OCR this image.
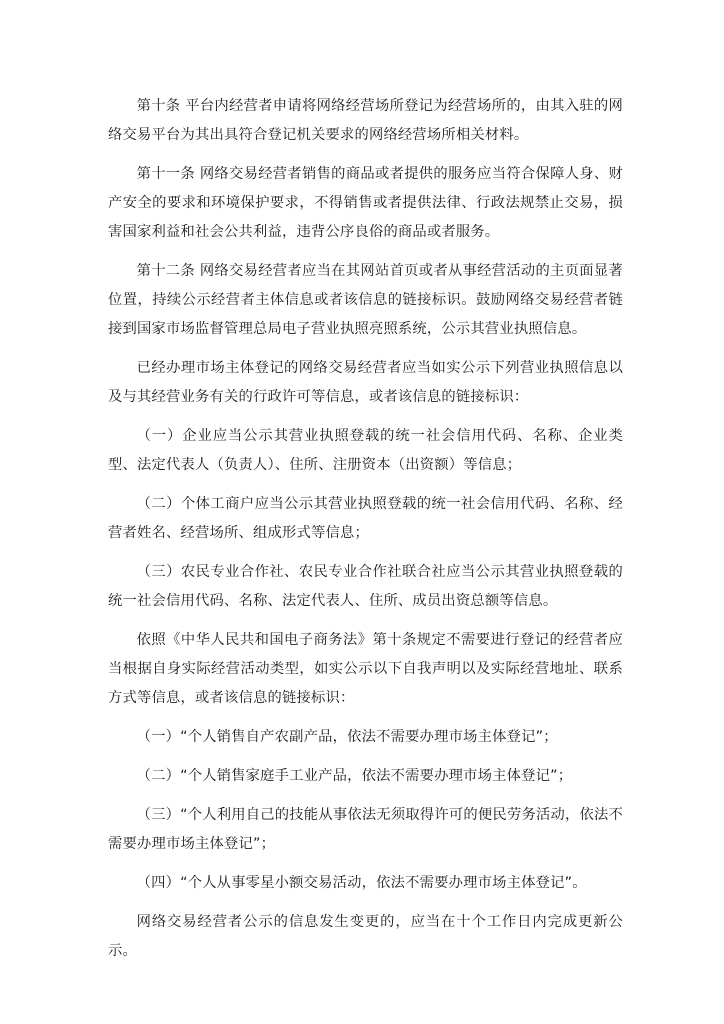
第十条 平台内经营者申请将网络经营场所登记为经营场所的，由其入驻的网络交易平台为其出具符合登记机关要求的网络经营场所相关材料。

第十一条 网络交易经营者销售的商品或者提供的服务应当符合保障人身、财产安全的要求和环境保护要求，不得销售或者提供法律、行政法规禁止交易，损害国家利益和社会公共利益，违背公序良俗的商品或者服务。

第十二条 网络交易经营者应当在其网站首页或者从事经营活动的主页面显著位置，持续公示经营者主体信息或者该信息的链接标识。鼓励网络交易经营者链接到国家市场监督管理总局电子营业执照亮照系统，公示其营业执照信息。

已经办理市场主体登记的网络交易经营者应当如实公示下列营业执照信息以及与其经营业务有关的行政许可等信息，或者该信息的链接标识：

（一）企业应当公示其营业执照登载的统一社会信用代码、名称、企业类型、法定代表人（负责人）、住所、注册资本（出资额）等信息；

（二）个体工商户应当公示其营业执照登载的统一社会信用代码、名称、经营者姓名、经营场所、组成形式等信息；

（三）农民专业合作社、农民专业合作社联合社应当公示其营业执照登载的统一社会信用代码、名称、法定代表人、住所、成员出资总额等信息。

依照《中华人民共和国电子商务法》第十条规定不需要进行登记的经营者应当根据自身实际经营活动类型，如实公示以下自我声明以及实际经营地址、联系方式等信息，或者该信息的链接标识：

（一）“个人销售自产农副产品，依法不需要办理市场主体登记”；

（二）“个人销售家庭手工业产品，依法不需要办理市场主体登记”；

（三）“个人利用自己的技能从事依法无须取得许可的便民劳务活动，依法不需要办理市场主体登记”；

（四）“个人从事零星小额交易活动，依法不需要办理市场主体登记”。

网络交易经营者公示的信息发生变更的，应当在十个工作日内完成更新公示。
